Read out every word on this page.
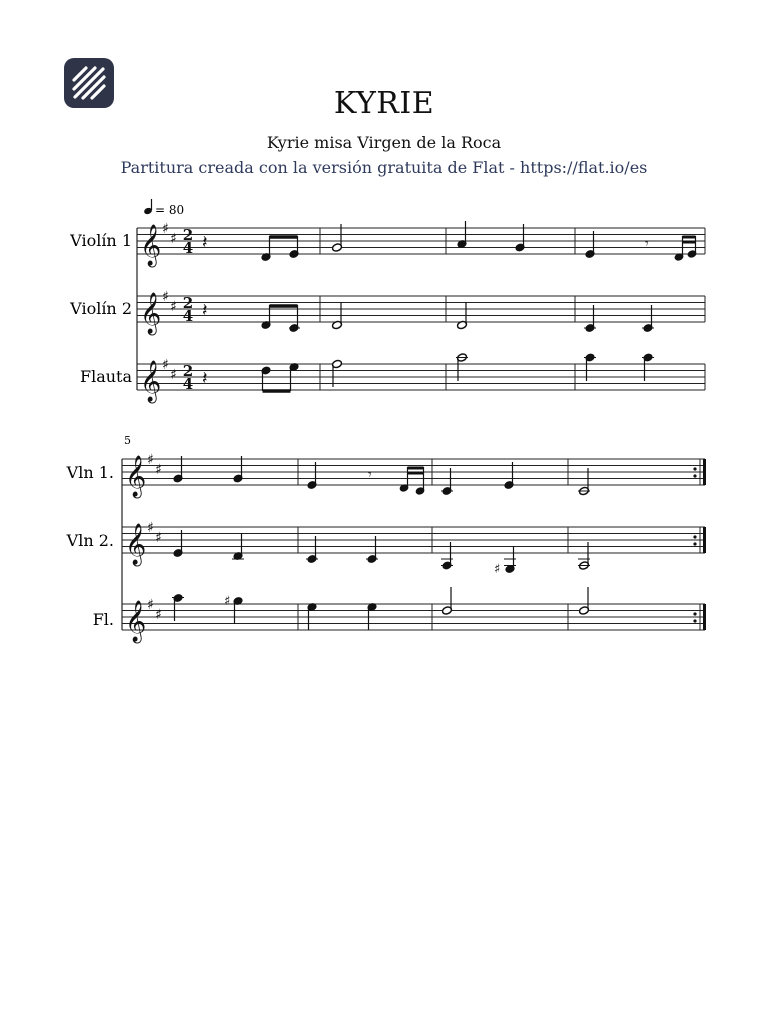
KYRIE
Kyrie misa Virgen de la Roca
Partitura creada con la versión gratuita de Flat - https://flat.io/es
= 80
Violín 1
Violín 2
Flauta
𝄞
𝄞
𝄞
♯
♯
♯
♯
♯
♯
2
4
2
4
2
4
𝄽
𝄽
𝄽
𝄾
5
Vln 1.
Vln 2.
Fl.
𝄞
𝄞
𝄞
♯
♯
♯
♯
♯
♯
𝄾
♯
♯
